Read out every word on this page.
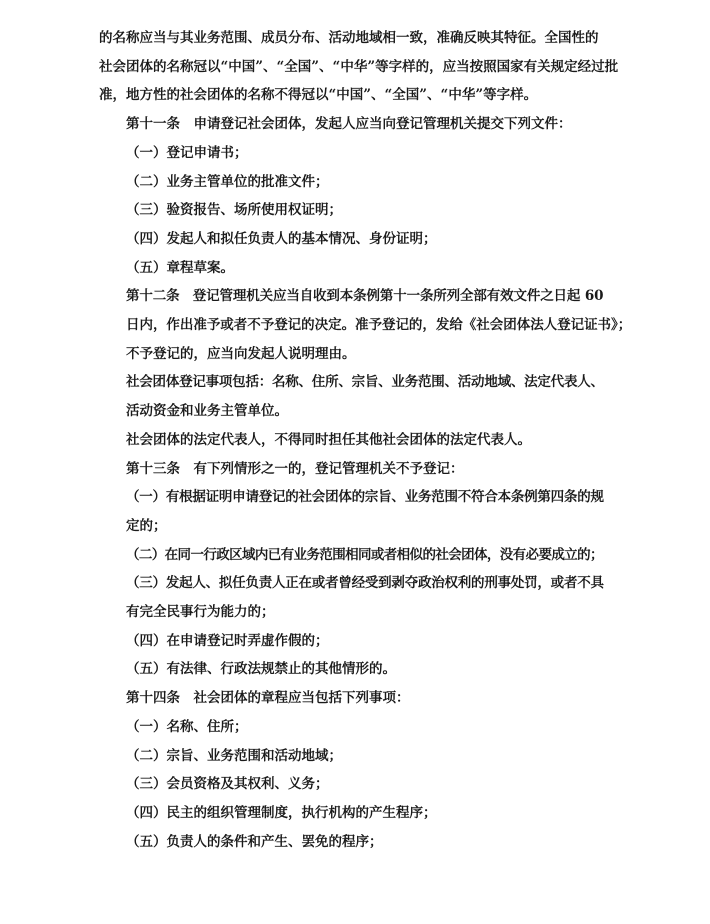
的名称应当与其业务范围、成员分布、活动地域相一致，准确反映其特征。全国性的
社会团体的名称冠以“中国”、“全国”、“中华”等字样的，应当按照国家有关规定经过批
准，地方性的社会团体的名称不得冠以“中国”、“全国”、“中华”等字样。
第十一条　申请登记社会团体，发起人应当向登记管理机关提交下列文件：
（一）登记申请书；
（二）业务主管单位的批准文件；
（三）验资报告、场所使用权证明；
（四）发起人和拟任负责人的基本情况、身份证明；
（五）章程草案。
第十二条　登记管理机关应当自收到本条例第十一条所列全部有效文件之日起 60
日内，作出准予或者不予登记的决定。准予登记的，发给《社会团体法人登记证书》；
不予登记的，应当向发起人说明理由。
社会团体登记事项包括：名称、住所、宗旨、业务范围、活动地域、法定代表人、
活动资金和业务主管单位。
社会团体的法定代表人，不得同时担任其他社会团体的法定代表人。
第十三条　有下列情形之一的，登记管理机关不予登记：
（一）有根据证明申请登记的社会团体的宗旨、业务范围不符合本条例第四条的规
定的；
（二）在同一行政区域内已有业务范围相同或者相似的社会团体，没有必要成立的；
（三）发起人、拟任负责人正在或者曾经受到剥夺政治权利的刑事处罚，或者不具
有完全民事行为能力的；
（四）在申请登记时弄虚作假的；
（五）有法律、行政法规禁止的其他情形的。
第十四条　社会团体的章程应当包括下列事项：
（一）名称、住所；
（二）宗旨、业务范围和活动地域；
（三）会员资格及其权利、义务；
（四）民主的组织管理制度，执行机构的产生程序；
（五）负责人的条件和产生、罢免的程序；
